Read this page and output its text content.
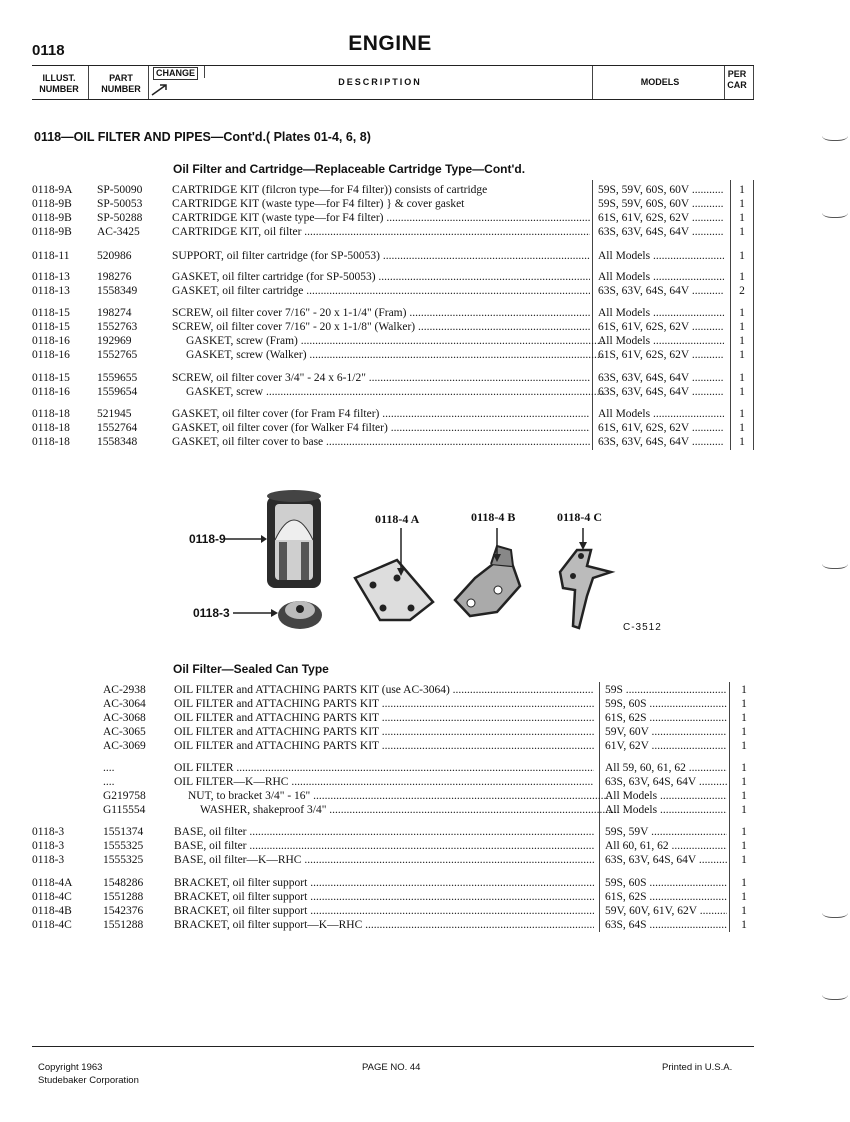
0118	ENGINE
ILLUST.
NUMBER
PART
NUMBER
CHANGE
DESCRIPTION	MODELS
PER
CAR
0118—OIL FILTER AND PIPES—Cont'd.( Plates 01-4, 6, 8)
Oil Filter and Cartridge—Replaceable Cartridge Type—Cont'd.
0118-9A SP-50090	CARTRIDGE KIT (filcron type—for F4 filter)) consists of cartridge	59S, 59V, 60S, 60V .....	1
0118-9B SP-50053	CARTRIDGE KIT (waste type—for F4 filter) } & cover gasket	59S, 59V, 60S, 60V .....	1
0118-9B SP-50288	CARTRIDGE KIT (waste type—for F4 filter) .....	61S, 61V, 62S, 62V .....	1
0118-9B AC-3425	CARTRIDGE KIT, oil filter .....	63S, 63V, 64S, 64V .....	1
0118-11 520986	SUPPORT, oil filter cartridge (for SP-50053) .....	All Models .....	1
0118-13 198276	GASKET, oil filter cartridge (for SP-50053) .....	All Models .....	1
0118-13 1558349	GASKET, oil filter cartridge .....	63S, 63V, 64S, 64V .....	2
0118-15 198274	SCREW, oil filter cover 7/16" - 20 x 1-1/4" (Fram) .....	All Models .....	1
0118-15 1552763	SCREW, oil filter cover 7/16" - 20 x 1-1/8" (Walker) .....	61S, 61V, 62S, 62V .....	1
0118-16 192969	GASKET, screw (Fram) .....	All Models .....	1
0118-16 1552765	GASKET, screw (Walker) .....	61S, 61V, 62S, 62V .....	1
0118-15 1559655	SCREW, oil filter cover 3/4" - 24 x 6-1/2" .....	63S, 63V, 64S, 64V .....	1
0118-16 1559654	GASKET, screw .....	63S, 63V, 64S, 64V .....	1
0118-18 521945	GASKET, oil filter cover (for Fram F4 filter) .....	All Models .....	1
0118-18 1552764	GASKET, oil filter cover (for Walker F4 filter) .....	61S, 61V, 62S, 62V .....	1
0118-18 1558348	GASKET, oil filter cover to base .....	63S, 63V, 64S, 64V .....	1
0118-9
0118-3
0118-4 A	0118-4 B	0118-4 C
C-3512
Oil Filter—Sealed Can Type
AC-2938 OIL FILTER and ATTACHING PARTS KIT (use AC-3064) .....	59S .....	1
AC-3064 OIL FILTER and ATTACHING PARTS KIT .....	59S, 60S .....	1
AC-3068 OIL FILTER and ATTACHING PARTS KIT .....	61S, 62S .....	1
AC-3065 OIL FILTER and ATTACHING PARTS KIT .....	59V, 60V .....	1
AC-3069 OIL FILTER and ATTACHING PARTS KIT .....	61V, 62V .....	1
....	OIL FILTER .....	All 59, 60, 61, 62 .....	1
....	OIL FILTER—K—RHC .....	63S, 63V, 64S, 64V .....	1
G219758	NUT, to bracket 3/4" - 16" .....	All Models .....	1
G115554	WASHER, shakeproof 3/4" .....	All Models .....	1
0118-3	1551374	BASE, oil filter .....	59S, 59V .....	1
0118-3	1555325	BASE, oil filter .....	All 60, 61, 62 .....	1
0118-3	1555325	BASE, oil filter—K—RHC .....	63S, 63V, 64S, 64V .....	1
0118-4A	1548286	BRACKET, oil filter support .....	59S, 60S .....	1
0118-4C	1551288	BRACKET, oil filter support .....	61S, 62S .....	1
0118-4B	1542376	BRACKET, oil filter support .....	59V, 60V, 61V, 62V .....	1
0118-4C	1551288	BRACKET, oil filter support—K—RHC .....	63S, 64S .....	1
Copyright 1963
Studebaker Corporation
PAGE NO. 44	Printed in U.S.A.
